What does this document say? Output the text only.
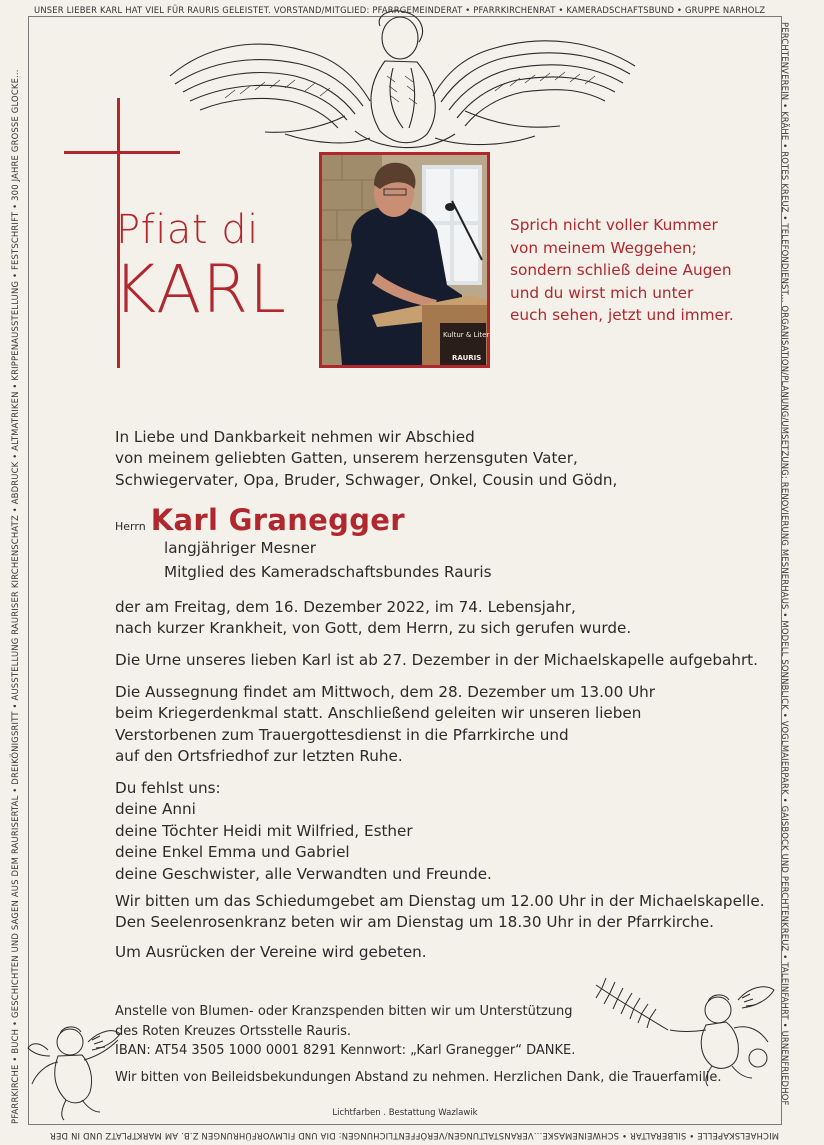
UNSER LIEBER KARL HAT VIEL FÜR RAURIS GELEISTET. VORSTAND/MITGLIED: PFARRGEMEINDERAT • PFARRKIRCHENRAT • KAMERADSCHAFTSBUND • GRUPPE NARHOLZ
PERCHTENVEREIN • KRÄHE • ROTES KREUZ • TELEFONDIENST... ORGANISATION/PLANUNG/UMSETZUNG: RENOVIERUNG MESNERHAUS • MODELL SONNBLICK • VOGLMAIERPARK • GAISBOCK UND PERCHTENKREUZ • TALEINFAHRT • URNENFRIEDHOF
MICHAELSKAPELLE • SILBERALTAR • SCHWEINEMASKE...VERANSTALTUNGEN/VERÖFFENTLICHUNGEN: DIA UND FILMVORFÜHRUNGEN Z.B. AM MARKTPLATZ UND IN DER
PFARRKIRCHE • BUCH • GESCHICHTEN UND SAGEN AUS DEM RAURISERTAL • DREIKÖNIGSRITT • AUSSTELLUNG RAURISER KIRCHENSCHATZ • ABDRUCK • ALTMATRIKEN • KRIPPENAUSSTELLUNG • FESTSCHRIFT • 300 JAHRE GROSSE GLOCKE... Pfiat di
KARL
Kultur & Litera
RAURIS
Sprich nicht voller Kummer
von meinem Weggehen;
sondern schließ deine Augen
und du wirst mich unter
euch sehen, jetzt und immer.
In Liebe und Dankbarkeit nehmen wir Abschied
von meinem geliebten Gatten, unserem herzensguten Vater,
Schwiegervater, Opa, Bruder, Schwager, Onkel, Cousin und Gödn,
Herrn Karl Granegger
langjähriger Mesner
Mitglied des Kameradschaftsbundes Rauris
der am Freitag, dem 16. Dezember 2022, im 74. Lebensjahr,
nach kurzer Krankheit, von Gott, dem Herrn, zu sich gerufen wurde.
Die Urne unseres lieben Karl ist ab 27. Dezember in der Michaelskapelle aufgebahrt.
Die Aussegnung findet am Mittwoch, dem 28. Dezember um 13.00 Uhr
beim Kriegerdenkmal statt. Anschließend geleiten wir unseren lieben
Verstorbenen zum Trauergottesdienst in die Pfarrkirche und
auf den Ortsfriedhof zur letzten Ruhe.
Du fehlst uns:
deine Anni
deine Töchter Heidi mit Wilfried, Esther
deine Enkel Emma und Gabriel
deine Geschwister, alle Verwandten und Freunde.
Wir bitten um das Schiedumgebet am Dienstag um 12.00 Uhr in der Michaelskapelle.
Den Seelenrosenkranz beten wir am Dienstag um 18.30 Uhr in der Pfarrkirche.
Um Ausrücken der Vereine wird gebeten.
Anstelle von Blumen- oder Kranzspenden bitten wir um Unterstützung
des Roten Kreuzes Ortsstelle Rauris.
IBAN: AT54 3505 1000 0001 8291 Kennwort: „Karl Granegger“ DANKE.
Wir bitten von Beileidsbekundungen Abstand zu nehmen. Herzlichen Dank, die Trauerfamilie.
Lichtfarben . Bestattung Wazlawik
